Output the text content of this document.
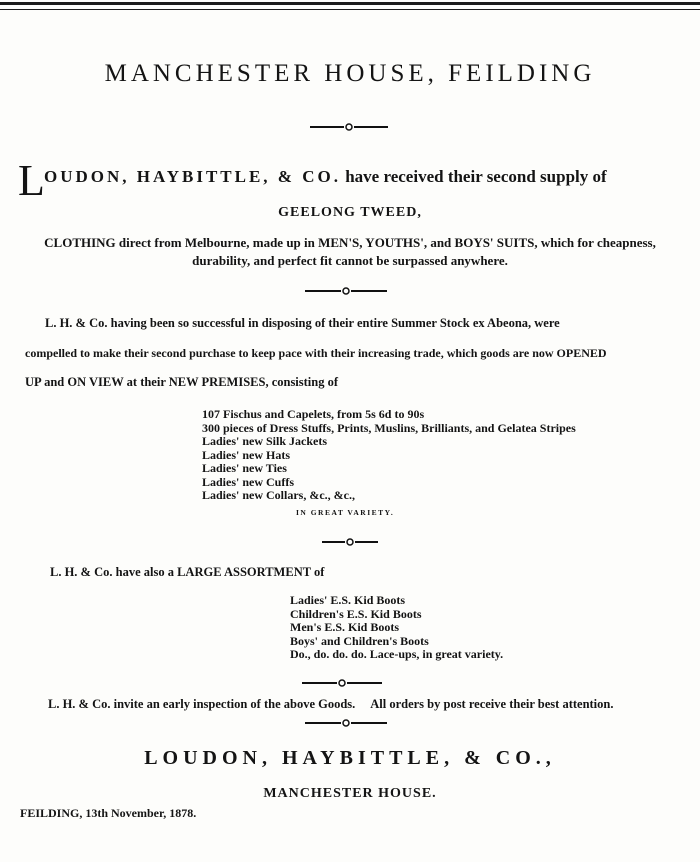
MANCHESTER HOUSE, FEILDING
L OUDON, HAYBITTLE, & CO. have received their second supply of
GEELONG TWEED,
CLOTHING direct from Melbourne, made up in MEN'S, YOUTHS', and BOYS' SUITS, which for cheapness, durability, and perfect fit cannot be surpassed anywhere.
L. H. & Co. having been so successful in disposing of their entire Summer Stock ex Abeona, were
compelled to make their second purchase to keep pace with their increasing trade, which goods are now OPENED
UP and ON VIEW at their NEW PREMISES, consisting of
107 Fischus and Capelets, from 5s 6d to 90s
300 pieces of Dress Stuffs, Prints, Muslins, Brilliants, and Gelatea Stripes
Ladies' new Silk Jackets
Ladies' new Hats
Ladies' new Ties
Ladies' new Cuffs
Ladies' new Collars, &c., &c.,
IN GREAT VARIETY.
L. H. & Co. have also a LARGE ASSORTMENT of
Ladies' E.S. Kid Boots
Children's E.S. Kid Boots
Men's E.S. Kid Boots
Boys' and Children's Boots
Do., do. do. do. Lace-ups, in great variety.
L. H. & Co. invite an early inspection of the above Goods.     All orders by post receive their best attention.
LOUDON, HAYBITTLE, & CO.,
MANCHESTER HOUSE.
FEILDING, 13th November, 1878.
